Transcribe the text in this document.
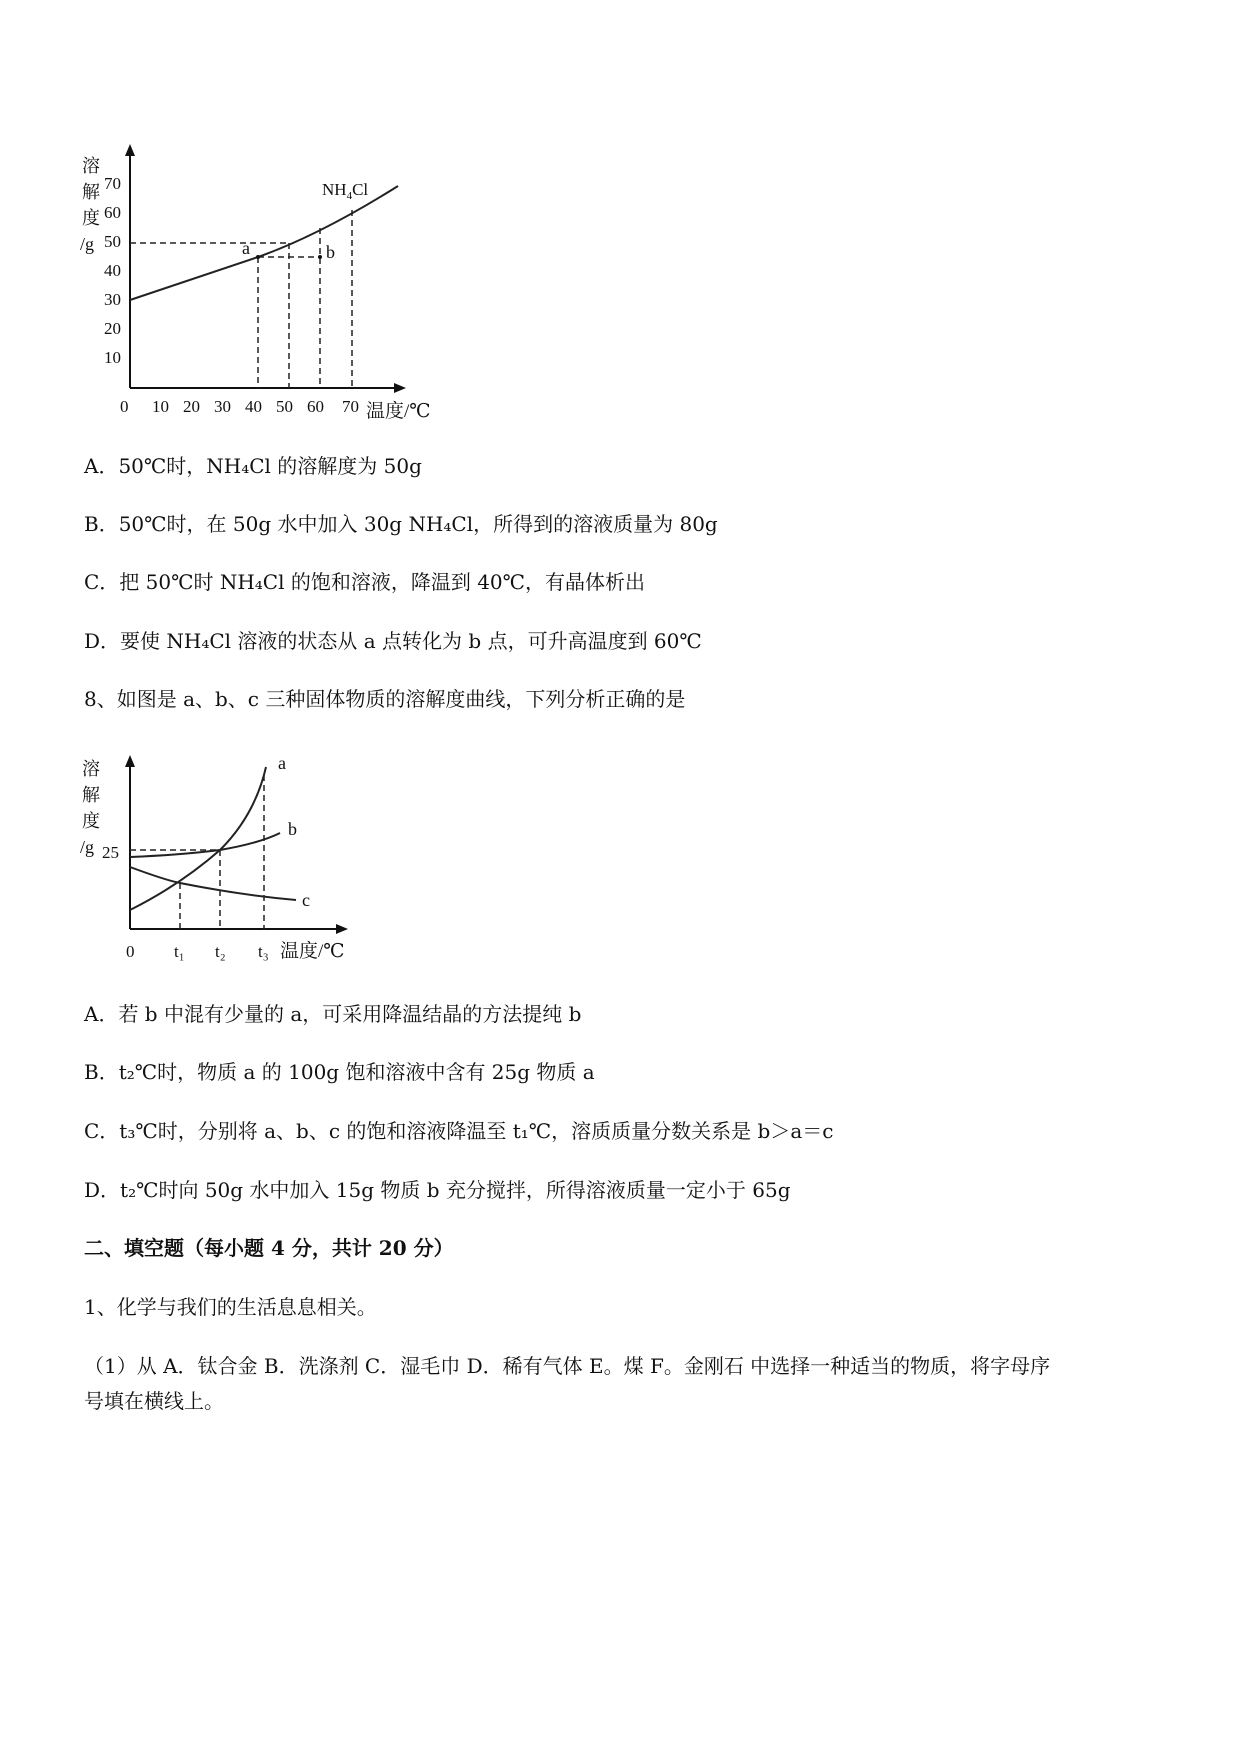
溶
解
度
/g
10
20
30
40
50
60
70
0 10 20 30 40 50 60 70 温度/℃
$NH_4Cl$
a	b
A．50℃时，NH₄Cl 的溶解度为 50g
B．50℃时，在 50g 水中加入 30g NH₄Cl，所得到的溶液质量为 80g
C．把 50℃时 NH₄Cl 的饱和溶液，降温到 40℃，有晶体析出
D．要使 NH₄Cl 溶液的状态从 a 点转化为 b 点，可升高温度到 60℃
8、如图是 a、b、c 三种固体物质的溶解度曲线，下列分析正确的是
溶
解
度
/g 25
0 t₁ t₂ t₃ 温度/℃
a
b
c
A．若 b 中混有少量的 a，可采用降温结晶的方法提纯 b
B．t₂℃时，物质 a 的 100g 饱和溶液中含有 25g 物质 a
C．t₃℃时，分别将 a、b、c 的饱和溶液降温至 t₁℃，溶质质量分数关系是 b＞a＝c
D．t₂℃时向 50g 水中加入 15g 物质 b 充分搅拌，所得溶液质量一定小于 65g
二、填空题（每小题 4 分，共计 20 分）
1、化学与我们的生活息息相关。
（1）从 A．钛合金 B．洗涤剂 C．湿毛巾 D．稀有气体 E。煤 F。金刚石 中选择一种适当的物质，将字母序
号填在横线上。
